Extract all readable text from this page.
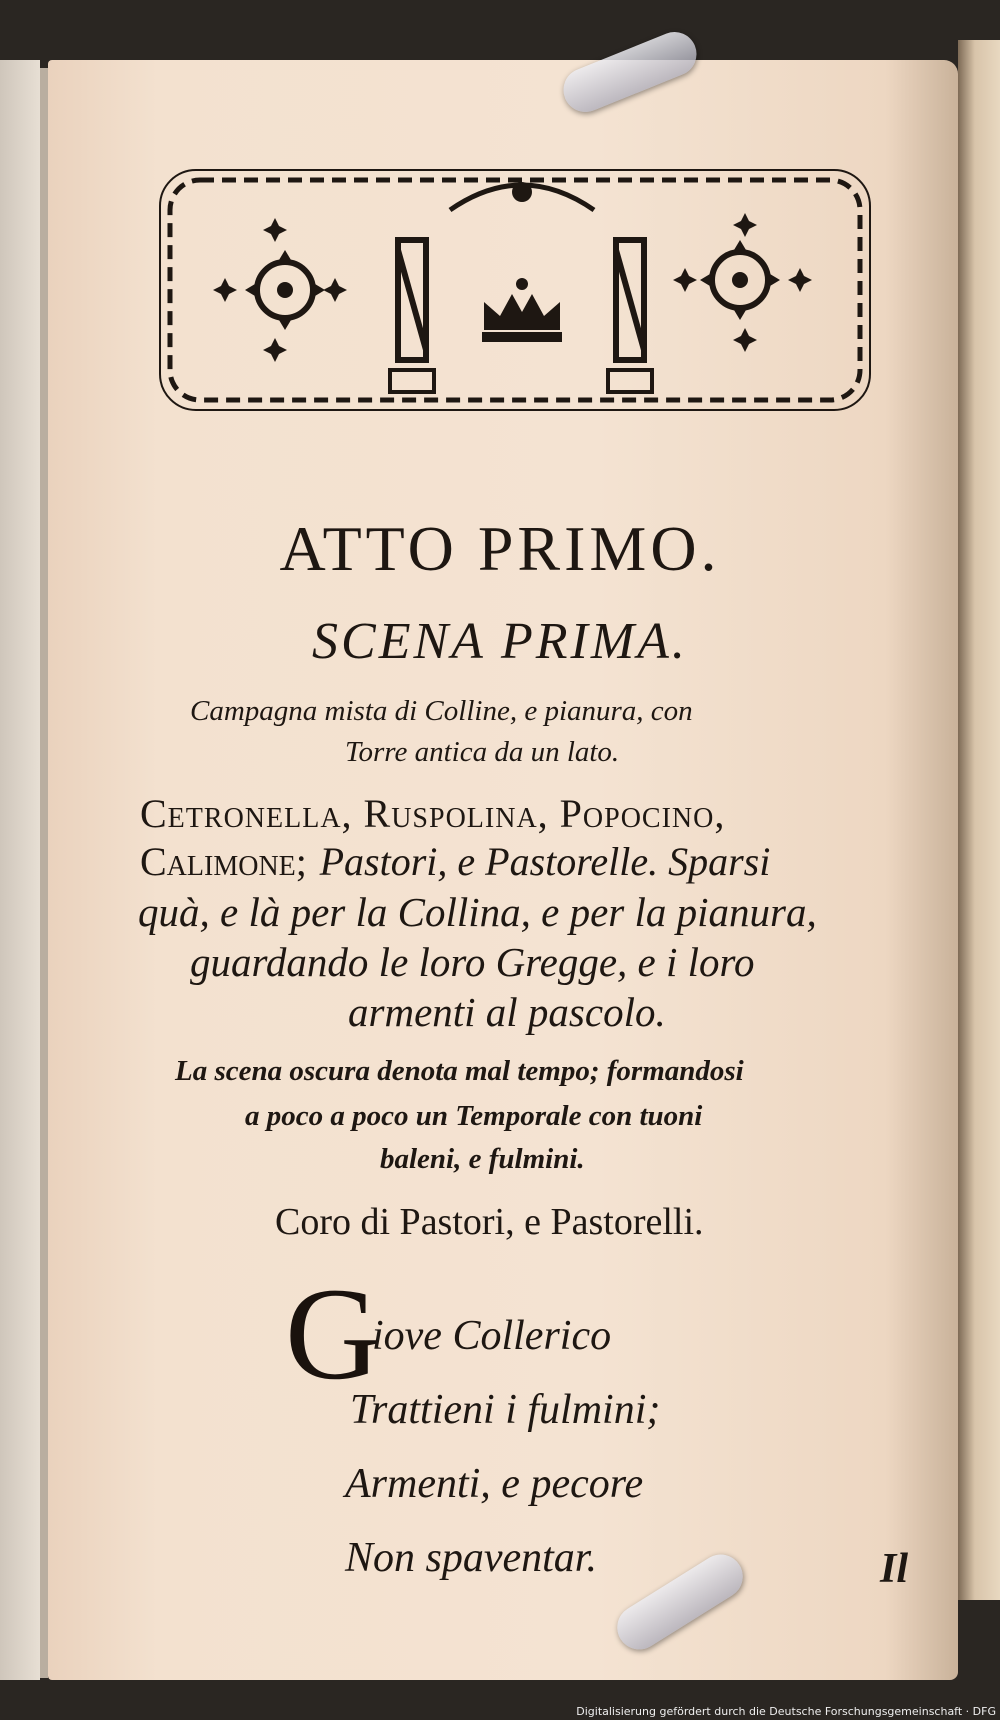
ATTO PRIMO.
SCENA PRIMA.
Campagna mista di Colline, e pianura, con
Torre antica da un lato.
Cetronella, Ruspolina, Popocino,
Calimone; Pastori, e Pastorelle. Sparsi
quà, e là per la Collina, e per la pianura,
guardando le loro Gregge, e i loro
armenti al pascolo.
La scena oscura denota mal tempo; formandosi
a poco a poco un Temporale con tuoni
baleni, e fulmini.
Coro di Pastori, e Pastorelli.
G
iove Collerico
Trattieni i fulmini;
Armenti, e pecore
Non spaventar.	Il
Digitalisierung gefördert durch die Deutsche Forschungsgemeinschaft · DFG
